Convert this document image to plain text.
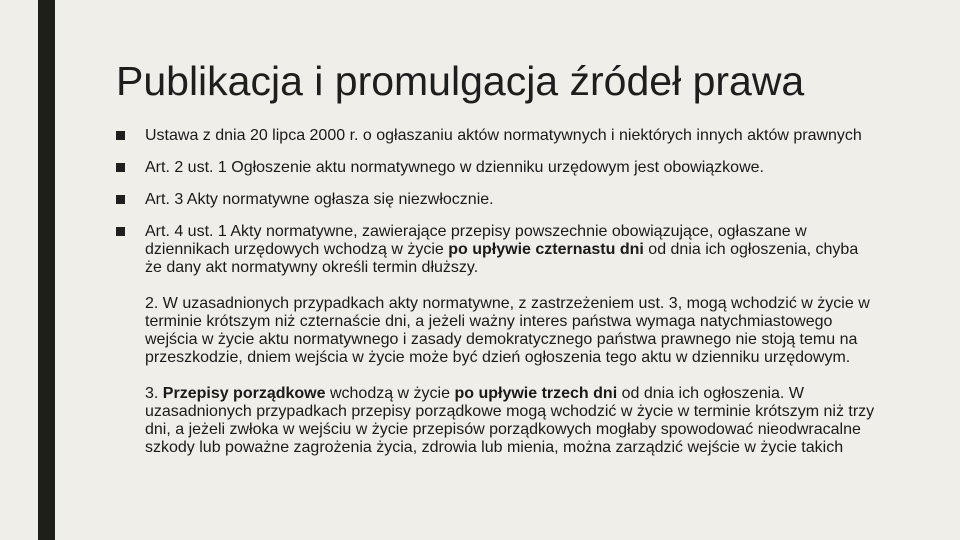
Publikacja i promulgacja źródeł prawa
Ustawa z dnia 20 lipca 2000 r. o ogłaszaniu aktów normatywnych i niektórych innych aktów prawnych
Art. 2 ust. 1 Ogłoszenie aktu normatywnego w dzienniku urzędowym jest obowiązkowe.
Art. 3 Akty normatywne ogłasza się niezwłocznie.
Art. 4 ust. 1 Akty normatywne, zawierające przepisy powszechnie obowiązujące, ogłaszane w dziennikach urzędowych wchodzą w życie po upływie czternastu dni od dnia ich ogłoszenia, chyba że dany akt normatywny określi termin dłuższy.
2. W uzasadnionych przypadkach akty normatywne, z zastrzeżeniem ust. 3, mogą wchodzić w życie w terminie krótszym niż czternaście dni, a jeżeli ważny interes państwa wymaga natychmiastowego wejścia w życie aktu normatywnego i zasady demokratycznego państwa prawnego nie stoją temu na przeszkodzie, dniem wejścia w życie może być dzień ogłoszenia tego aktu w dzienniku urzędowym.
3. Przepisy porządkowe wchodzą w życie po upływie trzech dni od dnia ich ogłoszenia. W uzasadnionych przypadkach przepisy porządkowe mogą wchodzić w życie w terminie krótszym niż trzy dni, a jeżeli zwłoka w wejściu w życie przepisów porządkowych mogłaby spowodować nieodwracalne szkody lub poważne zagrożenia życia, zdrowia lub mienia, można zarządzić wejście w życie takich
